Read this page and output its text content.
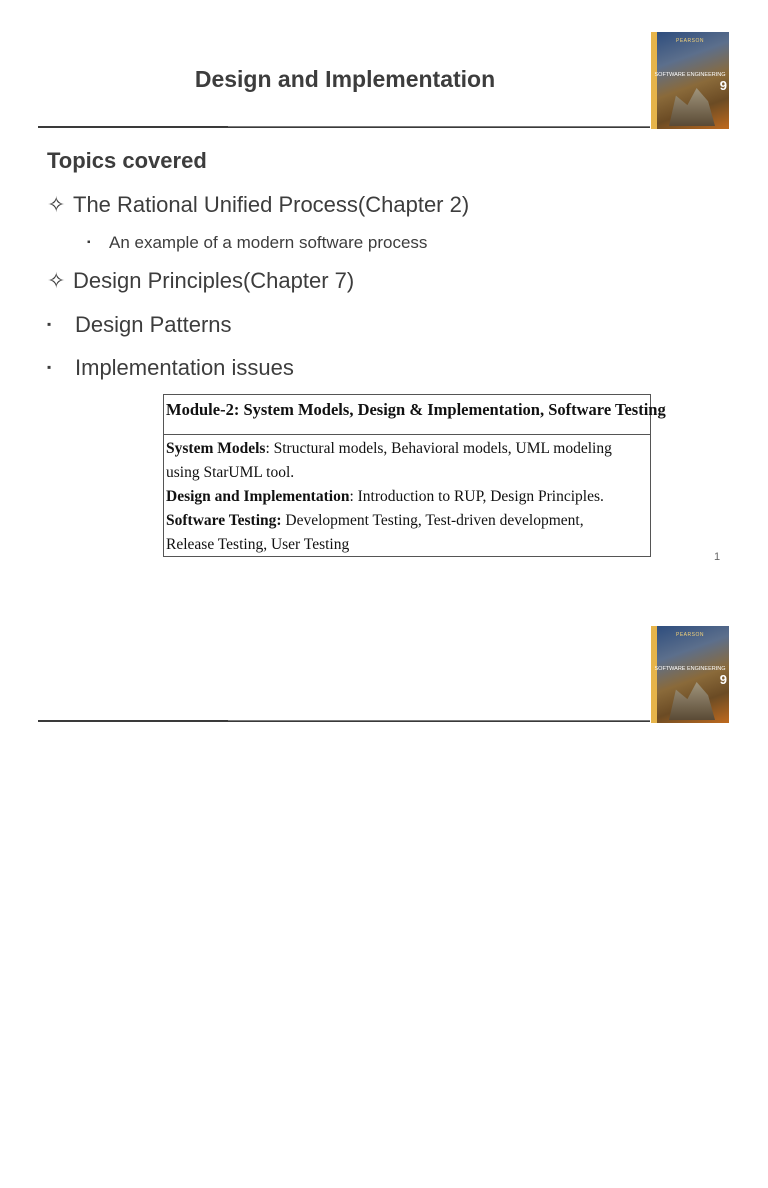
Design and Implementation
PEARSON
SOFTWARE ENGINEERING
9
Topics covered
✧ The Rational Unified Process(Chapter 2)
▪ An example of a modern software process
✧ Design Principles(Chapter 7)
▪ Design Patterns
▪ Implementation issues
Module-2: System Models, Design & Implementation, Software Testing
System Models: Structural models, Behavioral models, UML modeling
using StarUML tool.
Design and Implementation: Introduction to RUP, Design Principles.
Software Testing: Development Testing, Test-driven development,
Release Testing, User Testing
1
PEARSON
SOFTWARE ENGINEERING
9
